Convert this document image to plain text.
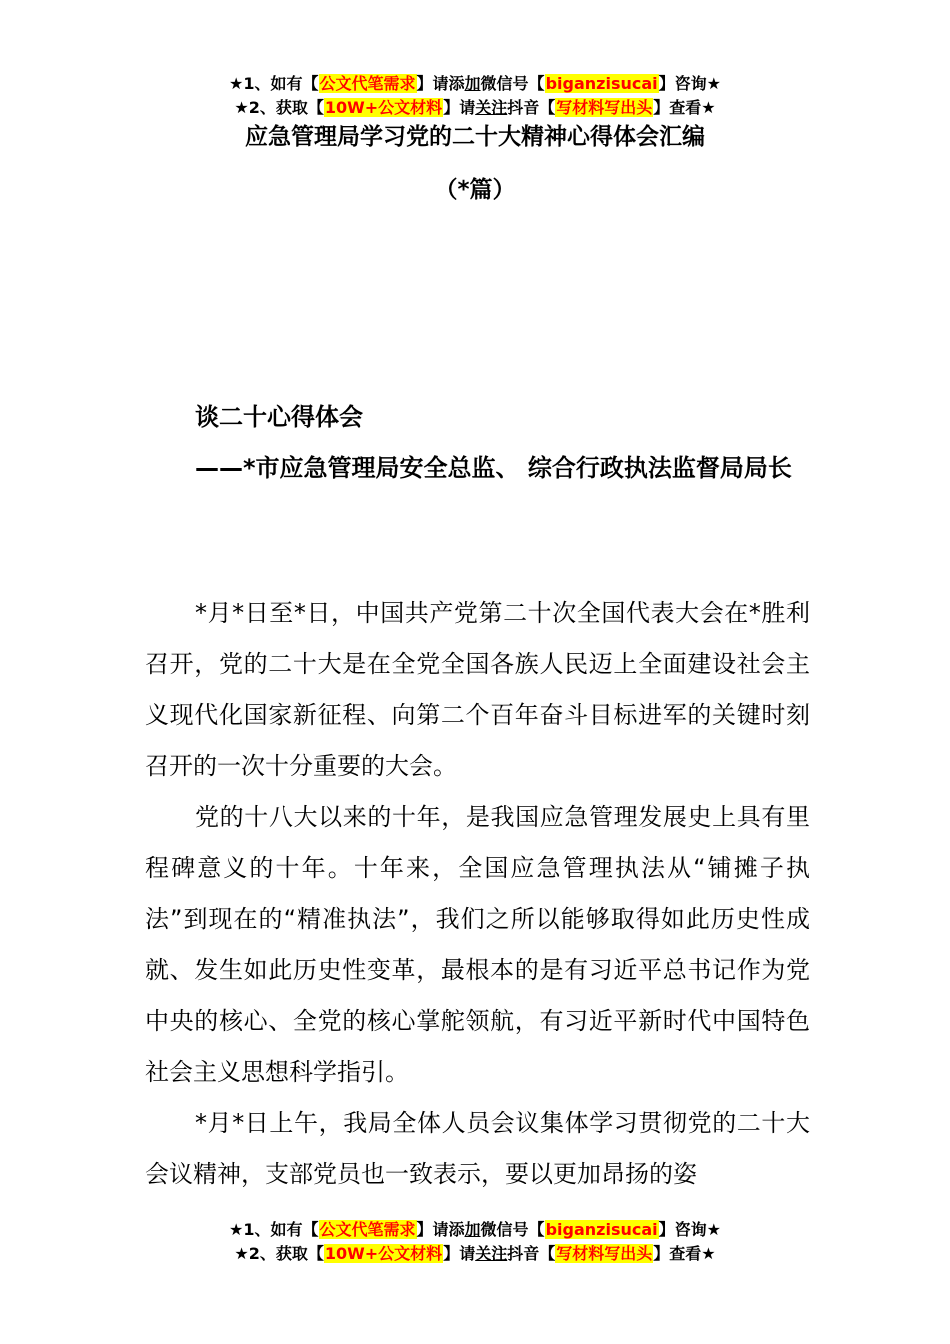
★1、如有【公文代笔需求】请添加微信号【biganzisucai】咨询★
★2、获取【10W+公文材料】请关注抖音【写材料写出头】查看★
应急管理局学习党的二十大精神心得体会汇编
（*篇）
谈二十心得体会

——*市应急管理局安全总监、 综合行政执法监督局局长

*月*日至*日，中国共产党第二十次全国代表大会在*胜利召开，党的二十大是在全党全国各族人民迈上全面建设社会主义现代化国家新征程、向第二个百年奋斗目标进军的关键时刻召开的一次十分重要的大会。

党的十八大以来的十年，是我国应急管理发展史上具有里程碑意义的十年。十年来，全国应急管理执法从“铺摊子执法”到现在的“精准执法”，我们之所以能够取得如此历史性成就、发生如此历史性变革，最根本的是有习近平总书记作为党中央的核心、全党的核心掌舵领航，有习近平新时代中国特色社会主义思想科学指引。

*月*日上午，我局全体人员会议集体学习贯彻党的二十大会议精神，支部党员也一致表示，要以更加昂扬的姿

★1、如有【公文代笔需求】请添加微信号【biganzisucai】咨询★
★2、获取【10W+公文材料】请关注抖音【写材料写出头】查看★
